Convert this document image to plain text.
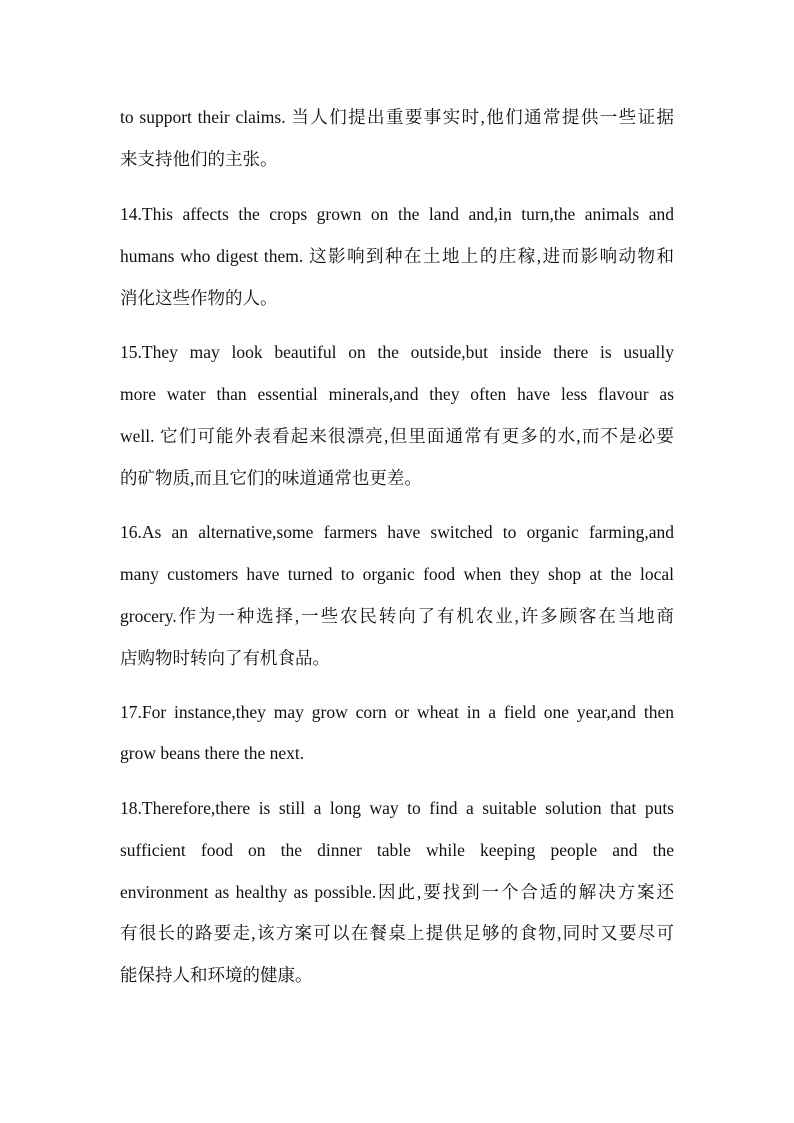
to support their claims. 当人们提出重要事实时,他们通常提供一些证据
来支持他们的主张。
14.This affects the crops grown on the land and,in turn,the animals and
humans who digest them. 这影响到种在土地上的庄稼,进而影响动物和
消化这些作物的人。
15.They may look beautiful on the outside,but inside there is usually
more water than essential minerals,and they often have less flavour as
well. 它们可能外表看起来很漂亮,但里面通常有更多的水,而不是必要
的矿物质,而且它们的味道通常也更差。
16.As an alternative,some farmers have switched to organic farming,and
many customers have turned to organic food when they shop at the local
grocery.作为一种选择,一些农民转向了有机农业,许多顾客在当地商
店购物时转向了有机食品。
17.For instance,they may grow corn or wheat in a field one year,and then
grow beans there the next.
18.Therefore,there is still a long way to find a suitable solution that puts
sufficient food on the dinner table while keeping people and the
environment as healthy as possible.因此,要找到一个合适的解决方案还
有很长的路要走,该方案可以在餐桌上提供足够的食物,同时又要尽可
能保持人和环境的健康。
